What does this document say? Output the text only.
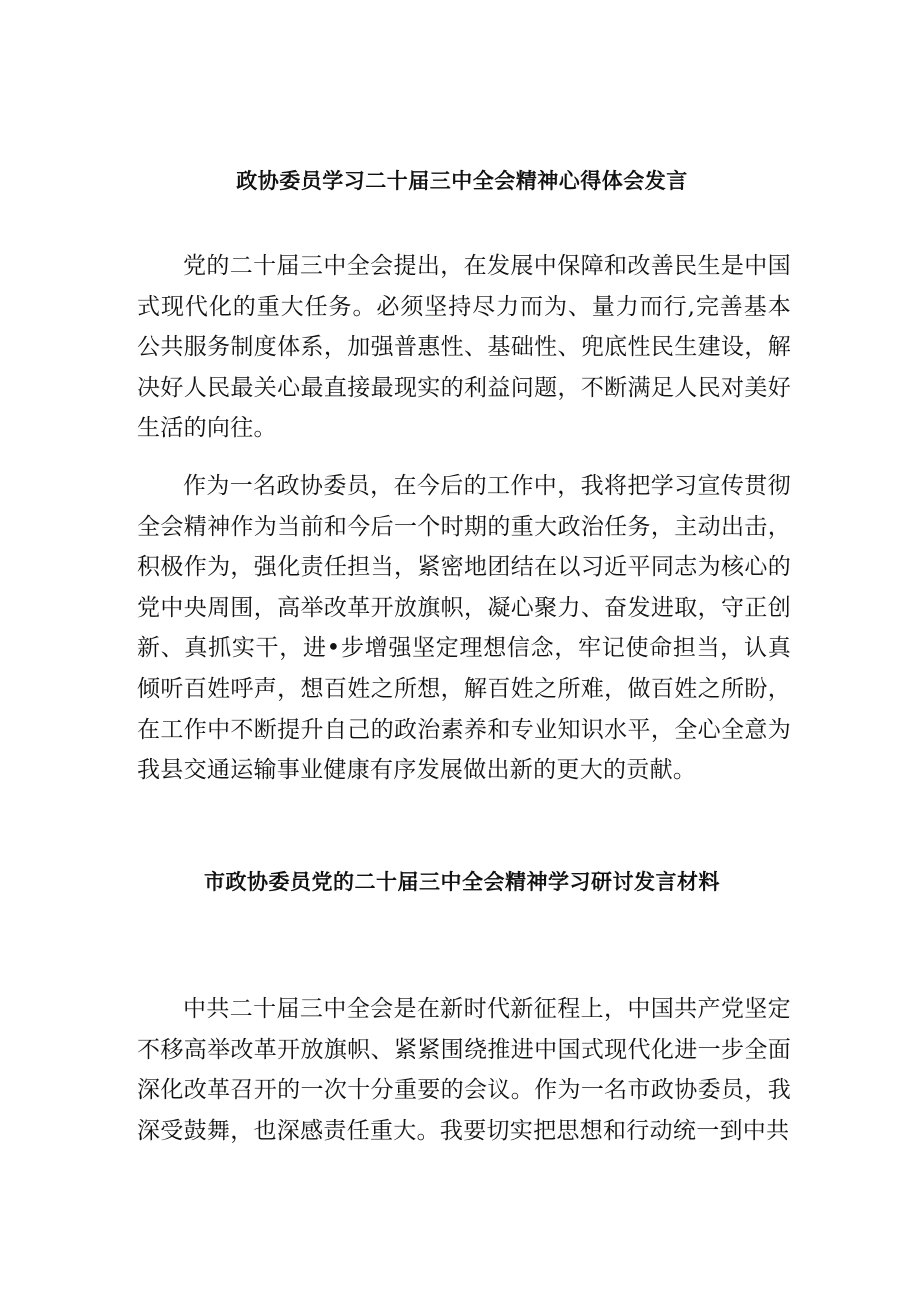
政协委员学习二十届三中全会精神心得体会发言

党的二十届三中全会提出，在发展中保障和改善民生是中国式现代化的重大任务。必须坚持尽力而为、量力而行,完善基本公共服务制度体系，加强普惠性、基础性、兜底性民生建设，解决好人民最关心最直接最现实的利益问题，不断满足人民对美好生活的向往。

作为一名政协委员，在今后的工作中，我将把学习宣传贯彻全会精神作为当前和今后一个时期的重大政治任务，主动出击，积极作为，强化责任担当，紧密地团结在以习近平同志为核心的党中央周围，高举改革开放旗帜，凝心聚力、奋发进取，守正创新、真抓实干，进•步增强坚定理想信念，牢记使命担当，认真倾听百姓呼声，想百姓之所想，解百姓之所难，做百姓之所盼，在工作中不断提升自己的政治素养和专业知识水平，全心全意为我县交通运输事业健康有序发展做出新的更大的贡献。

市政协委员党的二十届三中全会精神学习研讨发言材料

中共二十届三中全会是在新时代新征程上，中国共产党坚定不移高举改革开放旗帜、紧紧围绕推进中国式现代化进一步全面深化改革召开的一次十分重要的会议。作为一名市政协委员，我深受鼓舞，也深感责任重大。我要切实把思想和行动统一到中共
